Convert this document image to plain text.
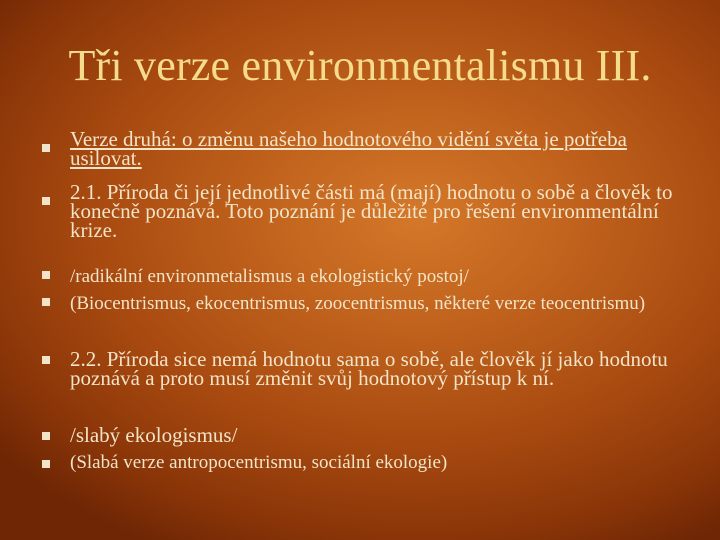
Tři verze environmentalismu III.
Verze druhá: o změnu našeho hodnotového vidění světa je potřeba usilovat.
2.1. Příroda či její jednotlivé části má (mají) hodnotu o sobě a člověk to konečně poznává. Toto poznání je důležité pro řešení environmentální krize.
/radikální environmetalismus a ekologistický postoj/
(Biocentrismus, ekocentrismus, zoocentrismus, některé verze teocentrismu)
2.2. Příroda sice nemá hodnotu sama o sobě, ale člověk jí jako hodnotu poznává a proto musí změnit svůj hodnotový přístup k ní.
/slabý ekologismus/
(Slabá verze antropocentrismu, sociální ekologie)
